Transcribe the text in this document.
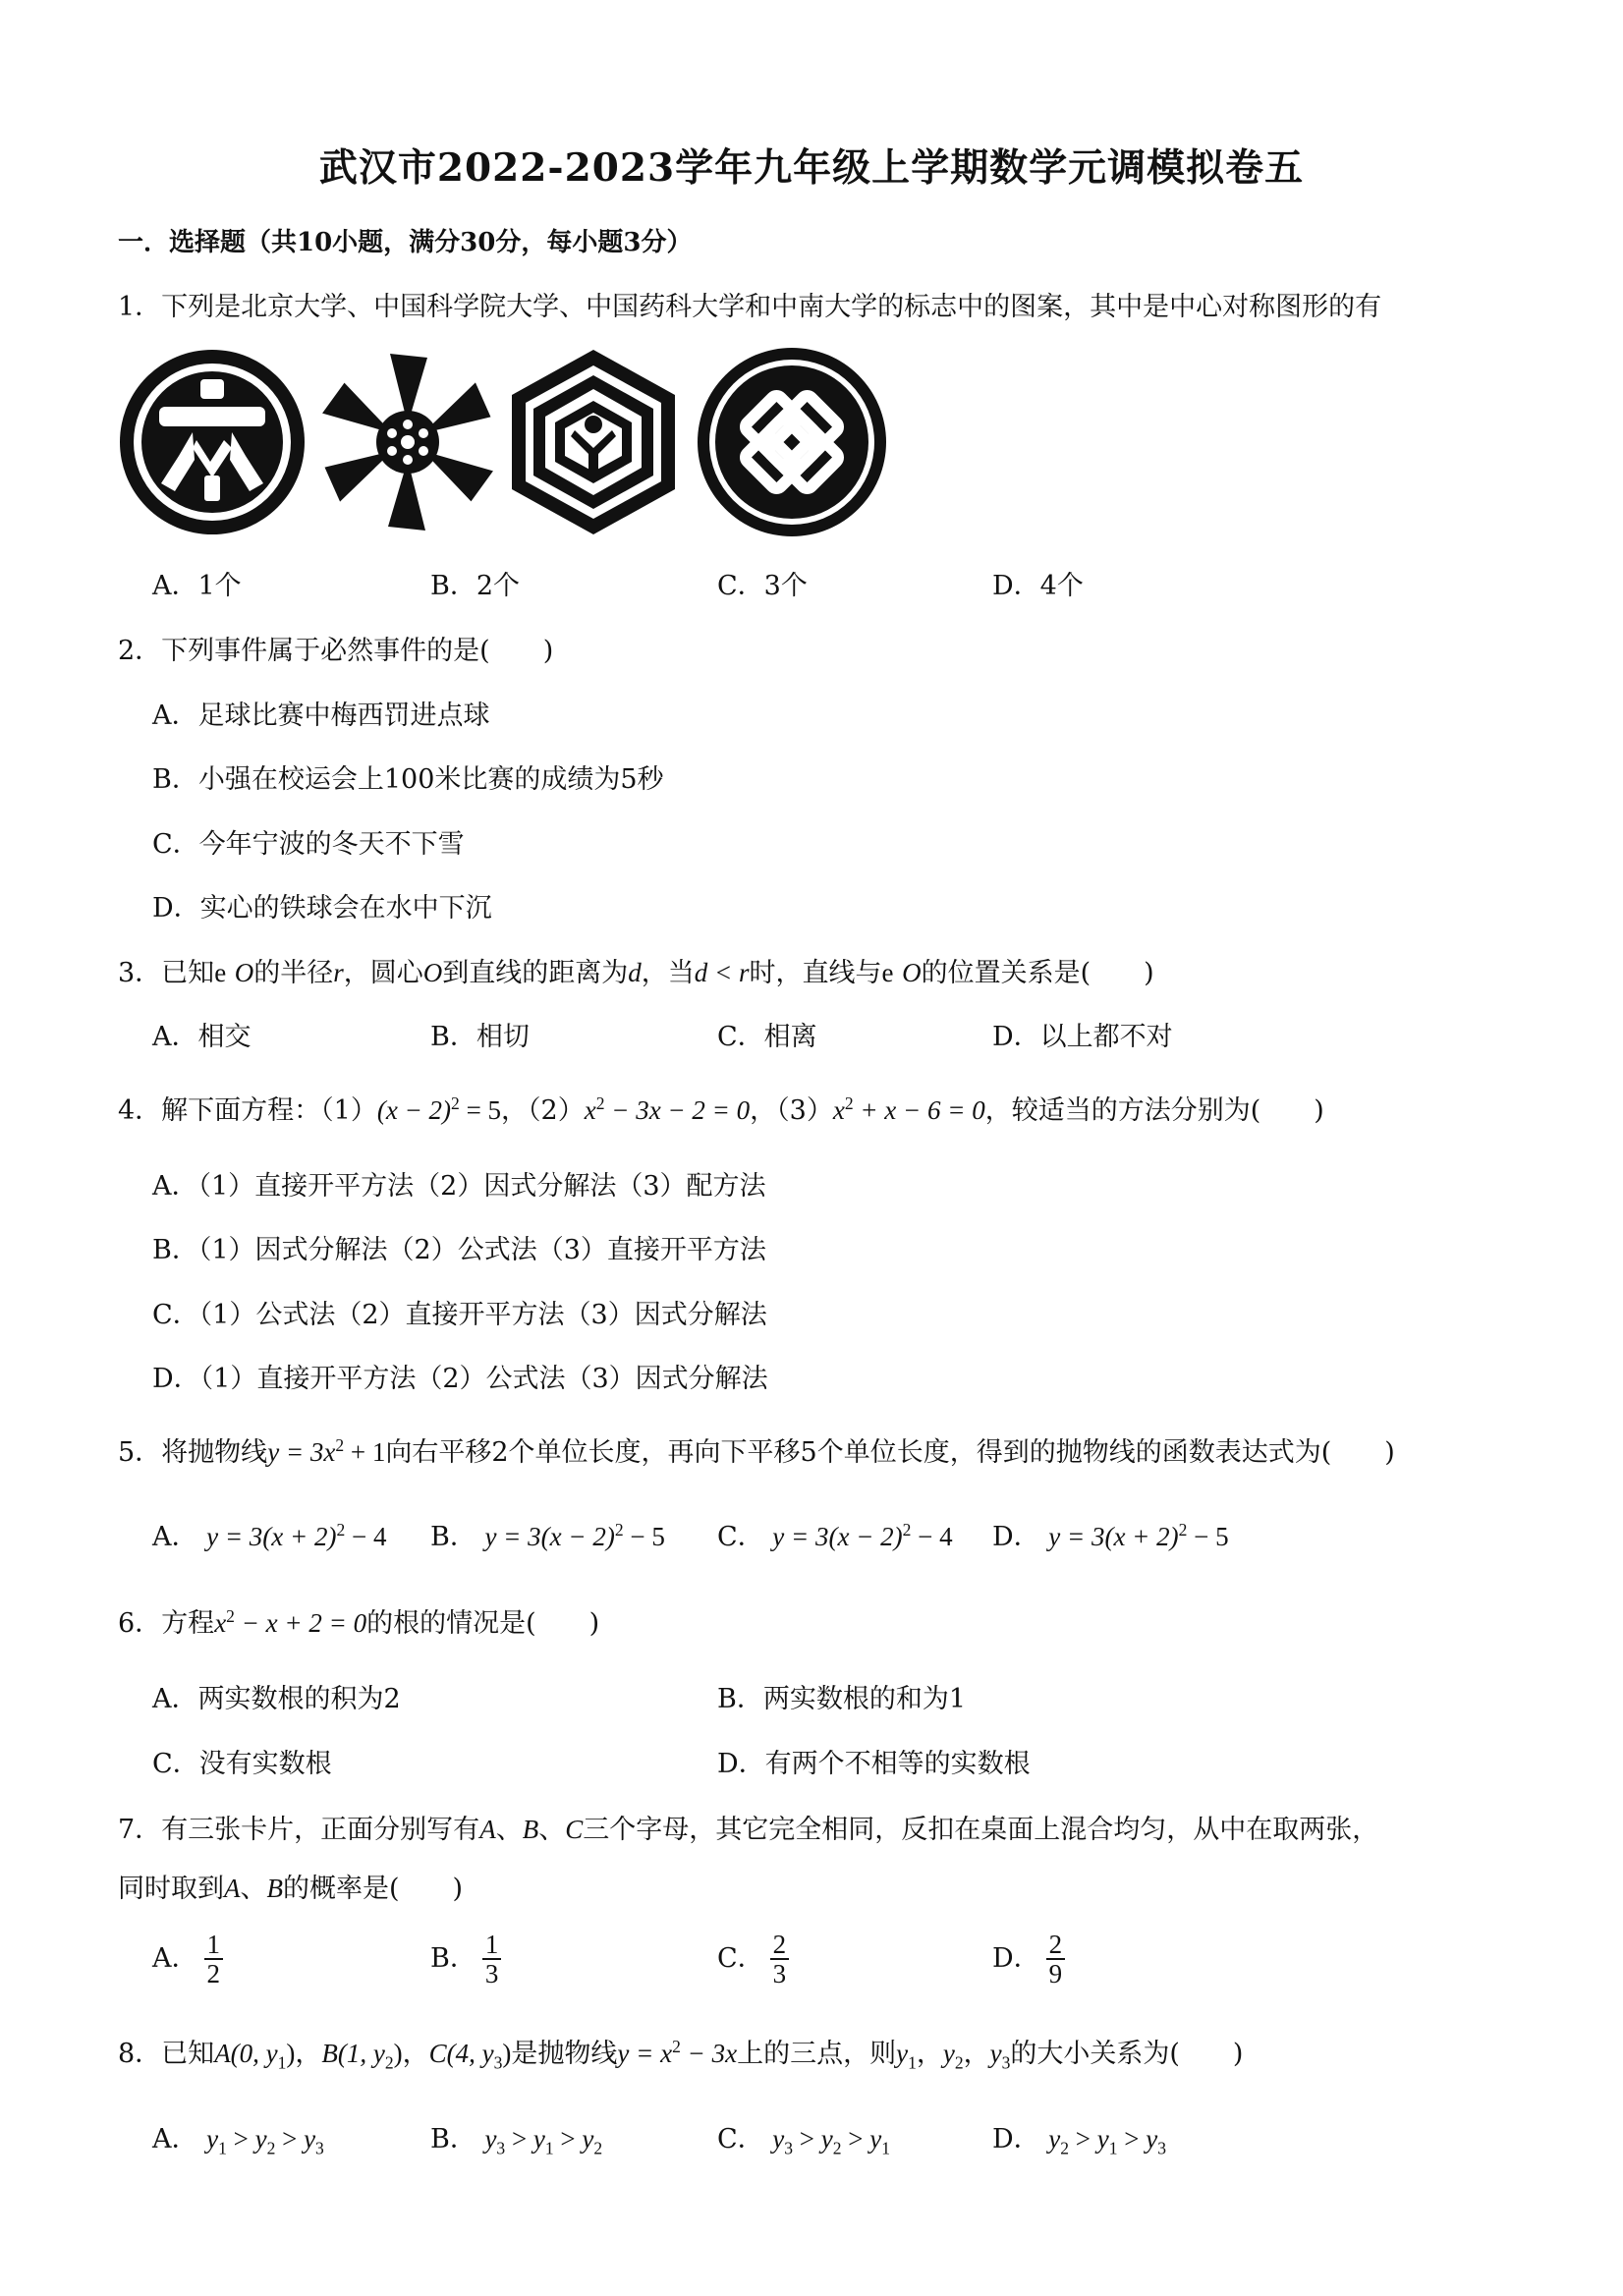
武汉市2022-2023学年九年级上学期数学元调模拟卷五
一．选择题（共10小题，满分30分，每小题3分）
1．下列是北京大学、中国科学院大学、中国药科大学和中南大学的标志中的图案，其中是中心对称图形的有
A．1个	B．2个	C．3个	D．4个
2．下列事件属于必然事件的是(　　)
A．足球比赛中梅西罚进点球
B．小强在校运会上100米比赛的成绩为5秒
C．今年宁波的冬天不下雪
D．实心的铁球会在水中下沉
3．已知e O的半径r，圆心O到直线的距离为d，当d < r时，直线与e O的位置关系是(　　)
A．相交	B．相切	C．相离	D．以上都不对
4．解下面方程：$(1)(x - 2)^2 = 5$，$(2)x^2 - 3x - 2 = 0$，$(3)x^2 + x - 6 = 0$，较适当的方法分别为(　　)
A．（1）直接开平方法（2）因式分解法（3）配方法
B．（1）因式分解法（2）公式法（3）直接开平方法
C．（1）公式法（2）直接开平方法（3）因式分解法
D．（1）直接开平方法（2）公式法（3）因式分解法
5．将抛物线$y = 3x^2 + 1$向右平移2个单位长度，再向下平移5个单位长度，得到的抛物线的函数表达式为(　　)
A． $y = 3(x + 2)^2 - 4$ B． $y = 3(x - 2)^2 - 5$ C． $y = 3(x - 2)^2 - 4$ D． $y = 3(x + 2)^2 - 5$
6．方程$x^2 - x + 2 = 0$的根的情况是(　　)
A．两实数根的积为2	B．两实数根的和为1
C．没有实数根	D．有两个不相等的实数根
7．有三张卡片，正面分别写有A、B、C三个字母，其它完全相同，反扣在桌面上混合均匀，从中在取两张，
同时取到A、B的概率是(　　)
A． $\frac{1}{2}$	B． $\frac{1}{3}$	C． $\frac{2}{3}$	D． $\frac{2}{9}$
8．已知A(0, $y_1$)，B(1, $y_2$)，C(4, $y_3$)是抛物线$y = x^2 - 3x$上的三点，则$y_1$，$y_2$，$y_3$的大小关系为(　　)
A． $y_1 > y_2 > y_3$	B． $y_3 > y_1 > y_2$	C． $y_3 > y_2 > y_1$	D． $y_2 > y_1 > y_3$
